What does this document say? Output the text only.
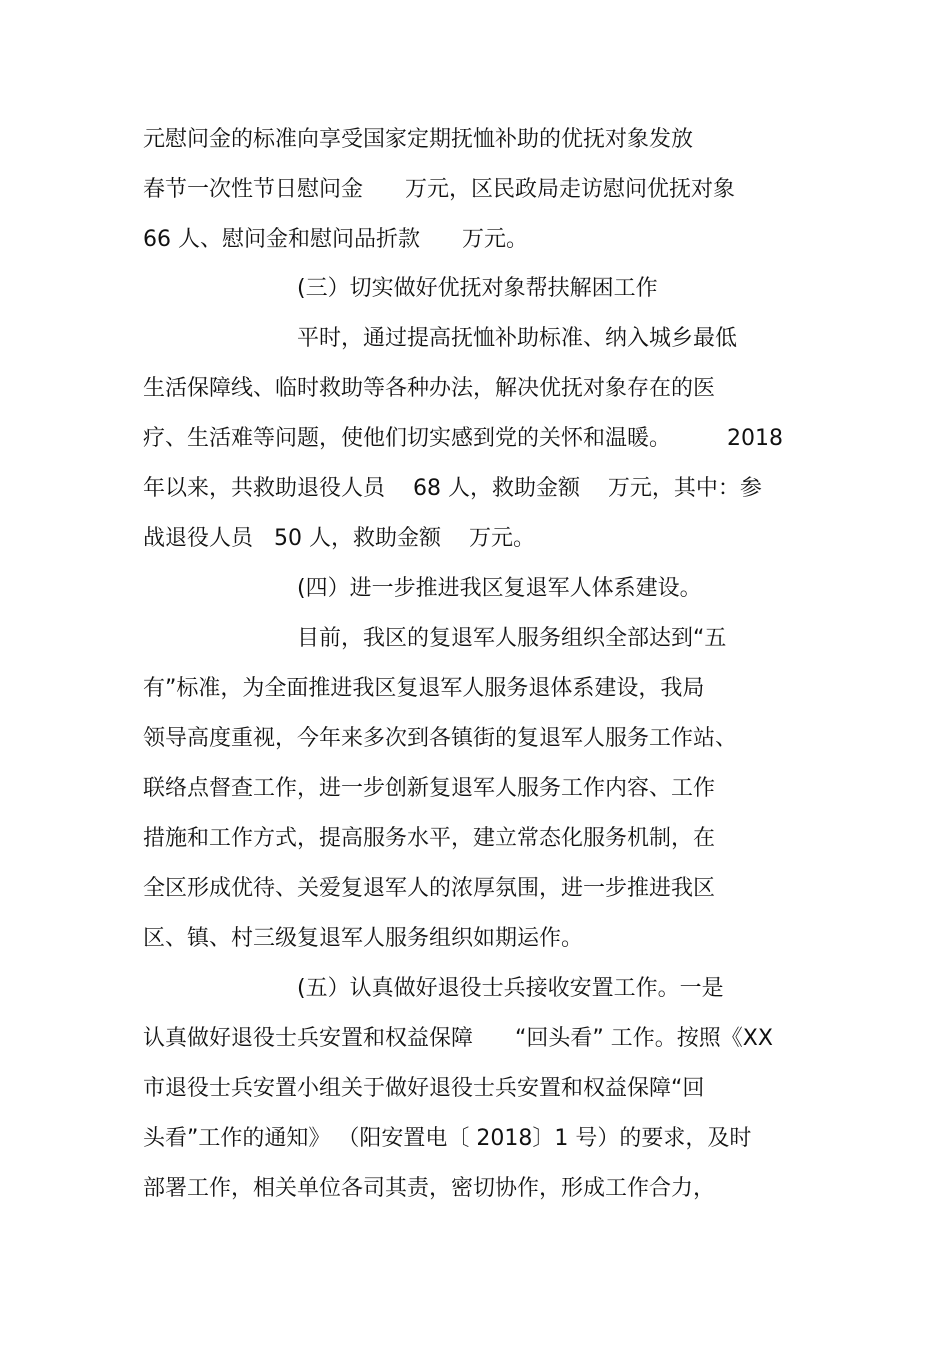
元慰问金的标准向享受国家定期抚恤补助的优抚对象发放
春节一次性节日慰问金      万元，区民政局走访慰问优抚对象
66 人、慰问金和慰问品折款      万元。
(三）切实做好优抚对象帮扶解困工作
平时，通过提高抚恤补助标准、纳入城乡最低
生活保障线、临时救助等各种办法，解决优抚对象存在的医
疗、生活难等问题，使他们切实感到党的关怀和温暖。        2018
年以来，共救助退役人员    68 人，救助金额    万元，其中：参
战退役人员   50 人，救助金额    万元。
(四）进一步推进我区复退军人体系建设。
目前，我区的复退军人服务组织全部达到“五
有”标准，为全面推进我区复退军人服务退体系建设，我局
领导高度重视，今年来多次到各镇街的复退军人服务工作站、
联络点督查工作，进一步创新复退军人服务工作内容、工作
措施和工作方式，提高服务水平，建立常态化服务机制，在
全区形成优待、关爱复退军人的浓厚氛围，进一步推进我区
区、镇、村三级复退军人服务组织如期运作。
(五）认真做好退役士兵接收安置工作。一是
认真做好退役士兵安置和权益保障      “回头看” 工作。按照《XX
市退役士兵安置小组关于做好退役士兵安置和权益保障“回
头看”工作的通知》 （阳安置电〔 2018〕1 号）的要求，及时
部署工作，相关单位各司其责，密切协作，形成工作合力，
